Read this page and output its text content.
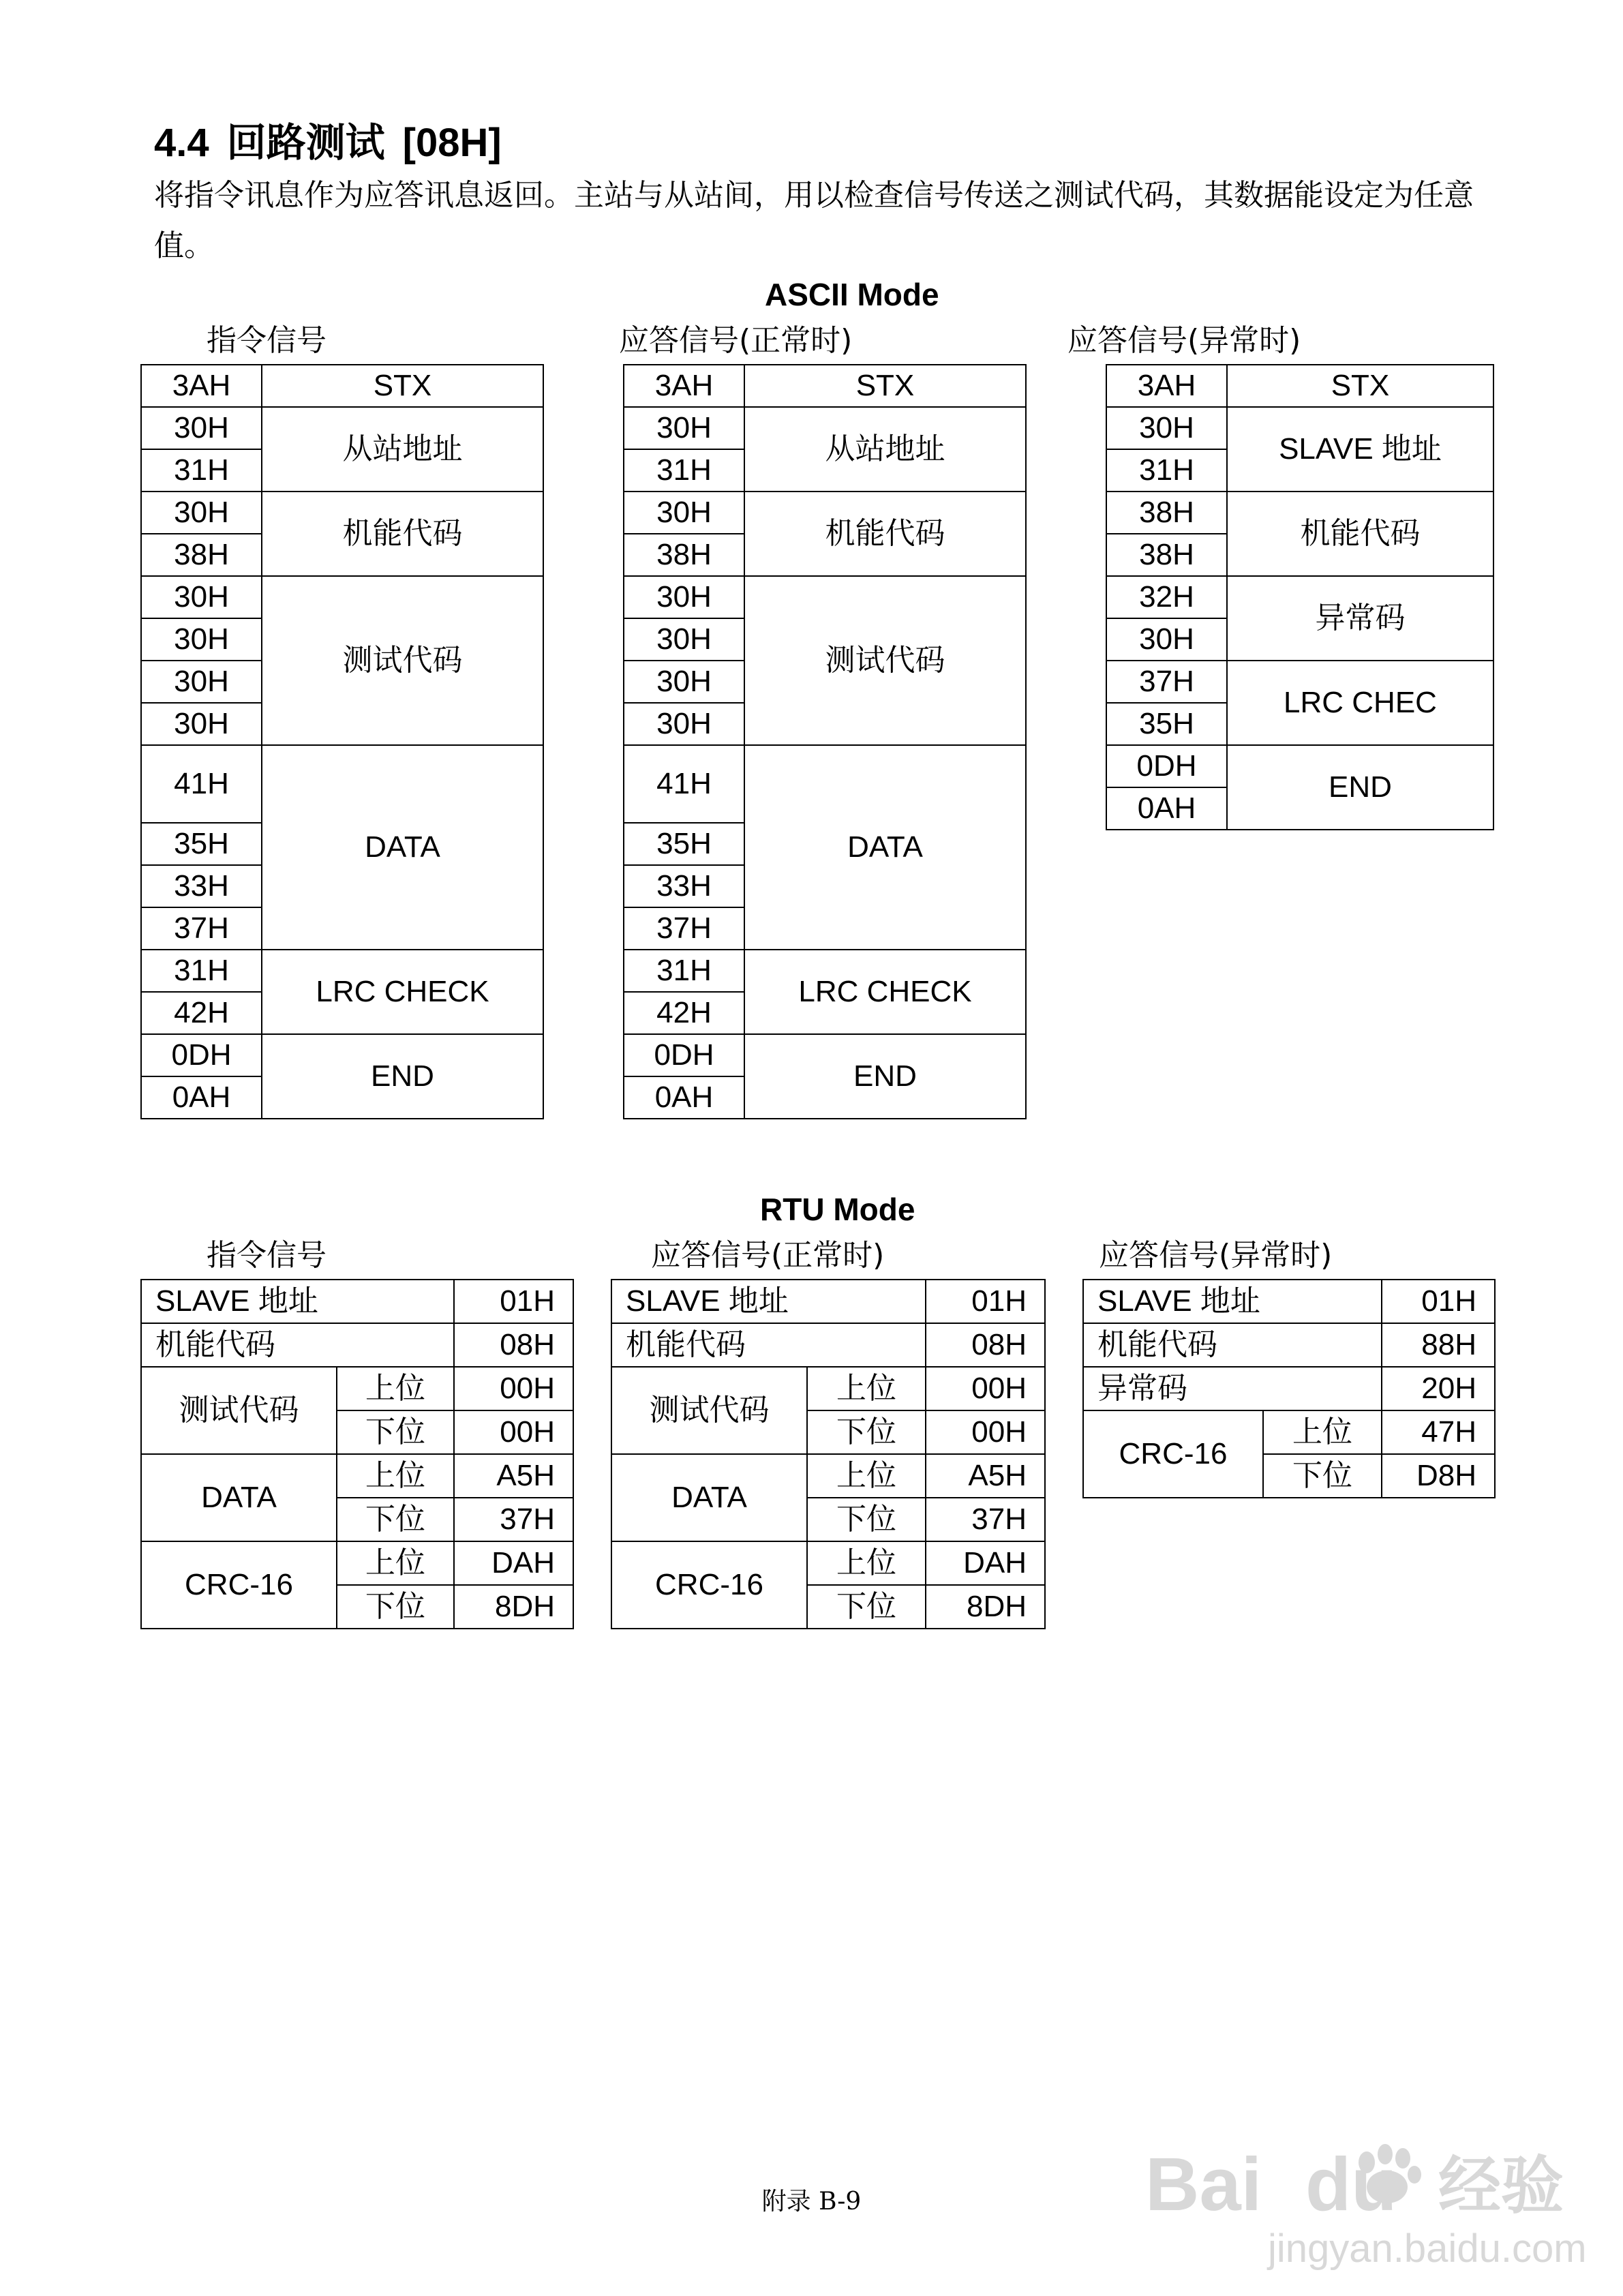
4.4 回路测试 [08H]
将指令讯息作为应答讯息返回。主站与从站间，用以检查信号传送之测试代码，其数据能设定为任意值。
ASCII Mode
指令信号	应答信号(正常时)	应答信号(异常时)
3AH	STX
30H	从站地址
31H	
30H	机能代码
38H	
30H	测试代码
30H	
30H	
30H	
41H	DATA
35H	
33H	
37H	
31H	LRC CHECK
42H	
0DH	END
0AH	
3AH	STX
30H	从站地址
31H	
30H	机能代码
38H	
30H	测试代码
30H	
30H	
30H	
41H	DATA
35H	
33H	
37H	
31H	LRC CHECK
42H	
0DH	END
0AH	
3AH	STX
30H	SLAVE 地址
31H	
38H	机能代码
38H	
32H	异常码
30H	
37H	LRC CHEC
35H	
0DH	END
0AH	
RTU Mode
指令信号	应答信号(正常时)	应答信号(异常时)
SLAVE 地址		01H
机能代码		08H
测试代码	上位	00H
	下位	00H
DATA	上位	A5H
	下位	37H
CRC-16	上位	DAH
	下位	8DH
SLAVE 地址		01H
机能代码		08H
测试代码	上位	00H
	下位	00H
DATA	上位	A5H
	下位	37H
CRC-16	上位	DAH
	下位	8DH
SLAVE 地址		01H
机能代码		88H
异常码		20H
CRC-16	上位	47H
	下位	D8H
附录 B-9	Bai du 经验
jingyan.baidu.com
